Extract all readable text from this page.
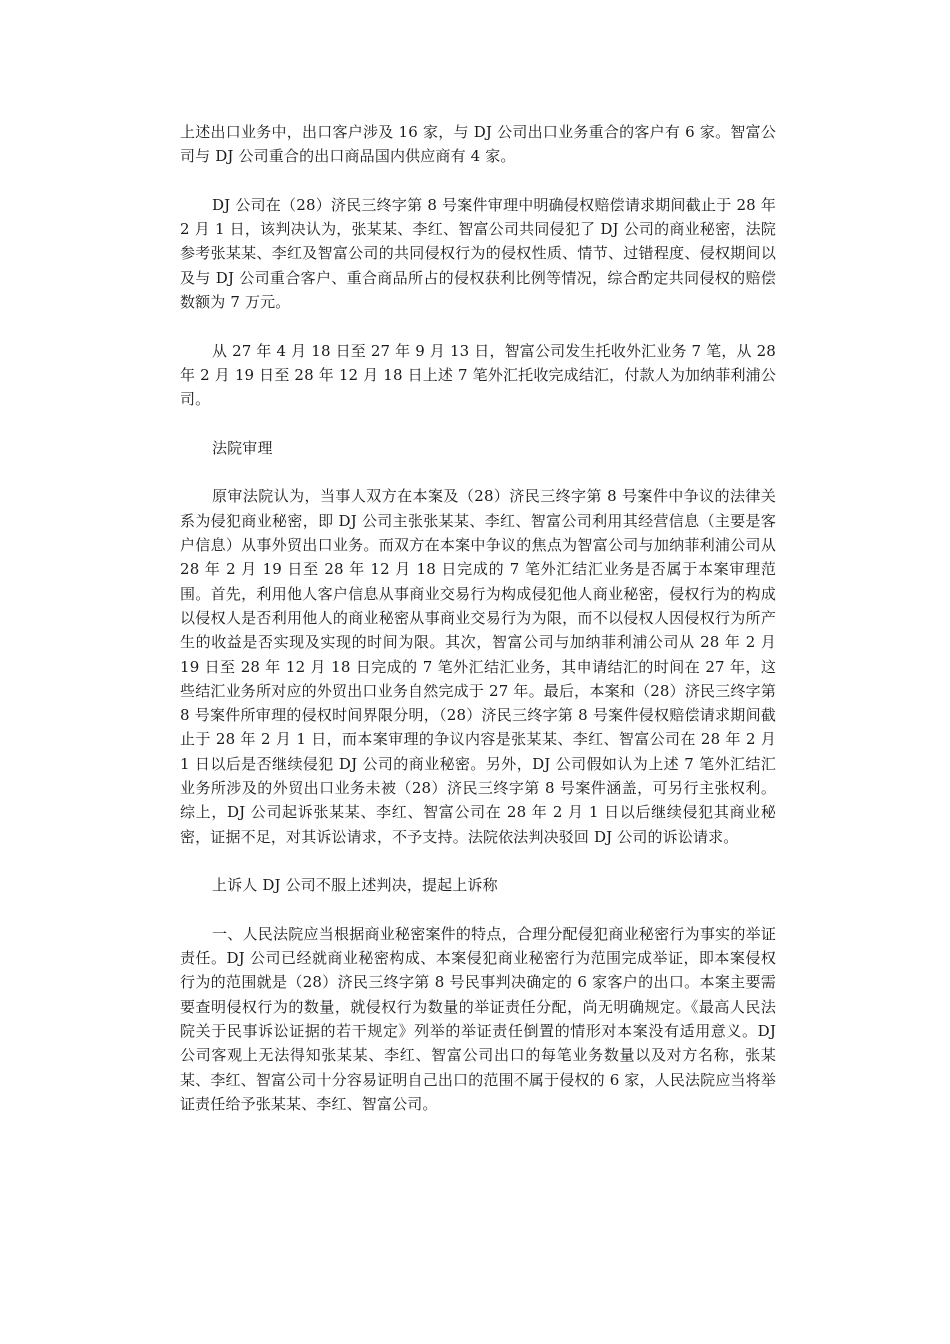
上述出口业务中，出口客户涉及 16 家，与 DJ 公司出口业务重合的客户有 6 家。智富公司与 DJ 公司重合的出口商品国内供应商有 4 家。

DJ 公司在（28）济民三终字第 8 号案件审理中明确侵权赔偿请求期间截止于 28 年 2 月 1 日，该判决认为，张某某、李红、智富公司共同侵犯了 DJ 公司的商业秘密，法院参考张某某、李红及智富公司的共同侵权行为的侵权性质、情节、过错程度、侵权期间以及与 DJ 公司重合客户、重合商品所占的侵权获利比例等情况，综合酌定共同侵权的赔偿数额为 7 万元。

从 27 年 4 月 18 日至 27 年 9 月 13 日，智富公司发生托收外汇业务 7 笔，从 28 年 2 月 19 日至 28 年 12 月 18 日上述 7 笔外汇托收完成结汇，付款人为加纳菲利浦公司。

法院审理

原审法院认为，当事人双方在本案及（28）济民三终字第 8 号案件中争议的法律关系为侵犯商业秘密，即 DJ 公司主张张某某、李红、智富公司利用其经营信息（主要是客户信息）从事外贸出口业务。而双方在本案中争议的焦点为智富公司与加纳菲利浦公司从 28 年 2 月 19 日至 28 年 12 月 18 日完成的 7 笔外汇结汇业务是否属于本案审理范围。首先，利用他人客户信息从事商业交易行为构成侵犯他人商业秘密，侵权行为的构成以侵权人是否利用他人的商业秘密从事商业交易行为为限，而不以侵权人因侵权行为所产生的收益是否实现及实现的时间为限。其次，智富公司与加纳菲利浦公司从 28 年 2 月 19 日至 28 年 12 月 18 日完成的 7 笔外汇结汇业务，其申请结汇的时间在 27 年，这些结汇业务所对应的外贸出口业务自然完成于 27 年。最后，本案和（28）济民三终字第 8 号案件所审理的侵权时间界限分明，（28）济民三终字第 8 号案件侵权赔偿请求期间截止于 28 年 2 月 1 日，而本案审理的争议内容是张某某、李红、智富公司在 28 年 2 月 1 日以后是否继续侵犯 DJ 公司的商业秘密。另外，DJ 公司假如认为上述 7 笔外汇结汇业务所涉及的外贸出口业务未被（28）济民三终字第 8 号案件涵盖，可另行主张权利。综上，DJ 公司起诉张某某、李红、智富公司在 28 年 2 月 1 日以后继续侵犯其商业秘密，证据不足，对其诉讼请求，不予支持。法院依法判决驳回 DJ 公司的诉讼请求。

上诉人 DJ 公司不服上述判决，提起上诉称

一、人民法院应当根据商业秘密案件的特点，合理分配侵犯商业秘密行为事实的举证责任。DJ 公司已经就商业秘密构成、本案侵犯商业秘密行为范围完成举证，即本案侵权行为的范围就是（28）济民三终字第 8 号民事判决确定的 6 家客户的出口。本案主要需要查明侵权行为的数量，就侵权行为数量的举证责任分配，尚无明确规定。《最高人民法院关于民事诉讼证据的若干规定》列举的举证责任倒置的情形对本案没有适用意义。DJ 公司客观上无法得知张某某、李红、智富公司出口的每笔业务数量以及对方名称，张某某、李红、智富公司十分容易证明自己出口的范围不属于侵权的 6 家，人民法院应当将举证责任给予张某某、李红、智富公司。
